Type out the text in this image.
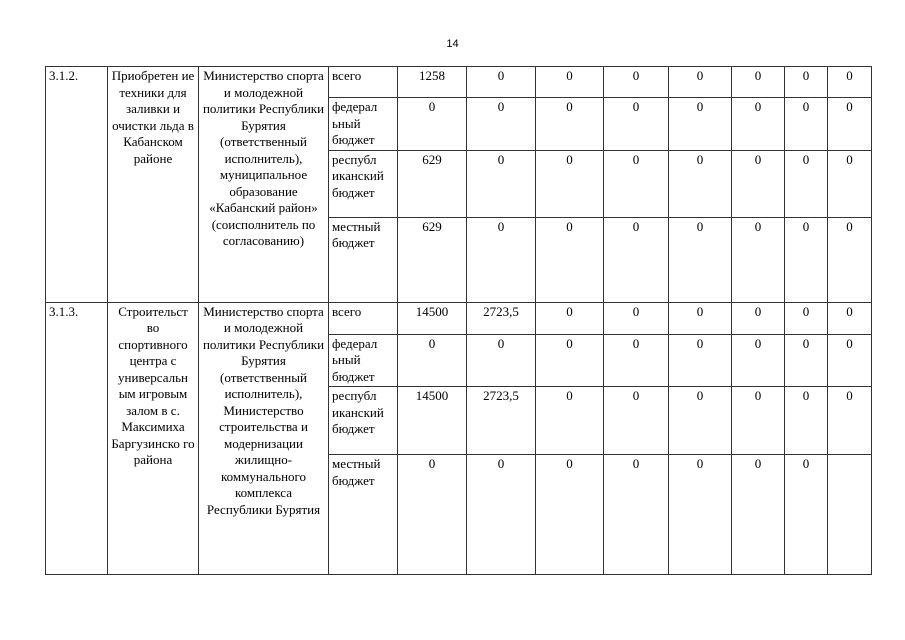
14
3.1.2.	Приобретен ие техники для заливки и очистки льда в Кабанском районе	Министерство спорта и молодежной политики Республики Бурятия (ответственный исполнитель), муниципальное образование «Кабанский район» (соисполнитель по согласованию)	всего	1258	0	0	0	0	0	0	0
			федерал ьный бюджет	0	0	0	0	0	0	0	0
			республ иканский бюджет	629	0	0	0	0	0	0	0
			местный бюджет	629	0	0	0	0	0	0	0
3.1.3.	Строительст во спортивного центра с универсальн ым игровым залом в с. Максимиха Баргузинско го района	Министерство спорта и молодежной политики Республики Бурятия (ответственный исполнитель), Министерство строительства и модернизации жилищно- коммунального комплекса Республики Бурятия	всего	14500	2723,5	0	0	0	0	0	0
			федерал ьный бюджет	0	0	0	0	0	0	0	0
			республ иканский бюджет	14500	2723,5	0	0	0	0	0	0
			местный бюджет	0	0	0	0	0	0	0	
